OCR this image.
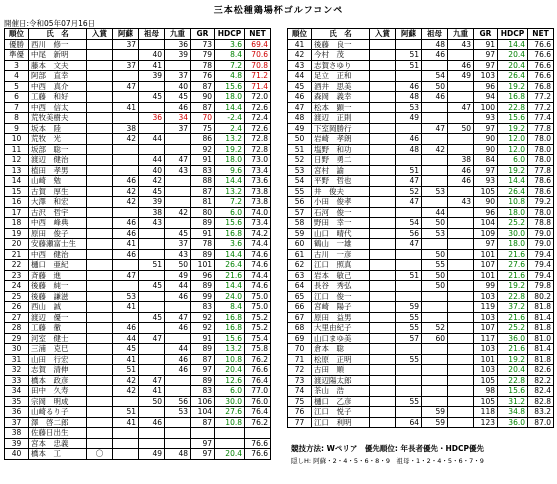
三本松種鶏場杯ゴルフコンペ
開催日:令和05年07月16日
順位	氏　名	入賞	阿蘇	祖母	九重	GR	HDCP	NET
優勝	西川　修一		37		36	73	3.6	69.4
準優	中尾　新明			40	39	79	8.4	70.6
3	藤本　文夫		37	41		78	7.2	70.8
4	阿部　直幸			39	37	76	4.8	71.2
5	中西　真介		47		40	87	15.6	71.4
6	工藤　和好			45	45	90	18.0	72.0
7	中西　信太		41		46	87	14.4	72.6
8	荒牧美樹夫			36	34	70	-2.4	72.4
9	坂本　陸		38		37	75	2.4	72.6
10	荒牧　光		42	44		86	13.2	72.8
11	坂部　聡一					92	19.2	72.8
12	渡辺　健治			44	47	91	18.0	73.0
13	植田　孝男			40	43	83	9.6	73.4
14	山崎　勉		46	42		88	14.4	73.6
15	古賀　厚生		42	45		87	13.2	73.8
16	大澤　和宏		42	39		81	7.2	73.8
17	古沢　哲宇			38	42	80	6.0	74.0
18	中西　峰典		46	43		89	15.6	73.4
19	原田　俊子		46		45	91	16.8	74.2
20	安藤瀬富士生		41		37	78	3.6	74.4
21	中西　健治		46		43	89	14.4	74.6
22	樋口　亜紀			51	50	101	26.4	74.6
23	斉藤　進		47		49	96	21.6	74.4
24	後藤　純一			45	44	89	14.4	74.6
25	後藤　謙滋		53		46	99	24.0	75.0
26	西山　誠		41			83	8.4	75.0
27	渡辺　優一			45	47	92	16.8	75.2
28	工藤　徹		46		46	92	16.8	75.2
29	河室　健士		44	47		91	15.6	75.4
30	三浦　克巳		45		44	89	13.2	75.8
31	山田　行宏		41		46	87	10.8	76.2
32	志賀　清伸		51		46	97	20.4	76.6
33	橋本　政彦		42	47		89	12.6	76.4
34	田中　久寿		42	41		83	6.0	77.0
35	宗岡　明成			50	56	106	30.0	76.0
36	山崎るり子		51		53	104	27.6	76.4
37	澤　啓二郎		41	46		87	10.8	76.2
38	佐藤日出生							
39	宮本　忠義					97		76.6
40	橋本　工	〇		49	48	97	20.4	76.6
順位	氏　名	入賞	阿蘇	祖母	九重	GR	HDCP	NET
41	後藤　良一			48	43	91	14.4	76.6
42	今村　茂		51	46		97	20.4	76.6
43	志賀さゆり		51		46	97	20.4	76.6
44	足立　正和			54	49	103	26.4	76.6
45	酒井　思美		46	50		96	19.2	76.8
46	森岡　義幸		48	46		94	16.8	77.2
47	松本　顕一		53		47	100	22.8	77.2
48	渡辺　正則		49			93	15.6	77.4
49	下室岡勝行			47	50	97	19.2	77.8
50	岩崎　孝朗		46			90	12.0	78.0
51	塩野　和功		48	42		90	12.0	78.0
52	日野　勇二				38	84	6.0	78.0
53	宮村　諭		51		46	97	19.2	77.8
54	平野　哲也		47		46	93	14.4	78.6
55	井　俊夫		52	53		105	26.4	78.6
56	小田　俊孝		47		43	90	10.8	79.2
57	石河　俊一			44		96	18.0	78.0
58	野田　幸一		54	50		104	25.2	78.8
59	山口　晴代		56	53		109	30.0	79.0
60	鶴山　一雄		47			97	18.0	79.0
61	古川　一彦			50		101	21.6	79.4
62	江口　照真			55		107	27.6	79.4
63	岩本　敏己		51	50		101	21.6	79.4
64	長谷　秀弘			50		99	19.2	79.8
65	江口　俊一					103	22.8	80.2
66	宮崎　陽子		59			119	37.2	81.8
67	原田　益男		55			103	21.6	81.4
68	大里由紀子		55	52		107	25.2	81.8
69	山口まゆ美		57	60		117	36.0	81.0
70	倉本　聡					103	21.6	81.4
71	松原　正明		55			101	19.2	81.8
72	古田　順					103	20.4	82.6
73	渡辺陽太郎					105	22.8	82.2
74	茶山　浩					98	15.6	82.4
75	樋口　乙彦		55			105	31.2	82.8
76	江口　悦子			59		118	34.8	83.2
77	江口　利明		64	59		123	36.0	87.0
競技方法: Wペリア　優先順位: 年長者優先・HDCP優先
隠しH: 阿蘇・2・4・5・6・8・9　祖母・1・2・4・5・6・7・9
